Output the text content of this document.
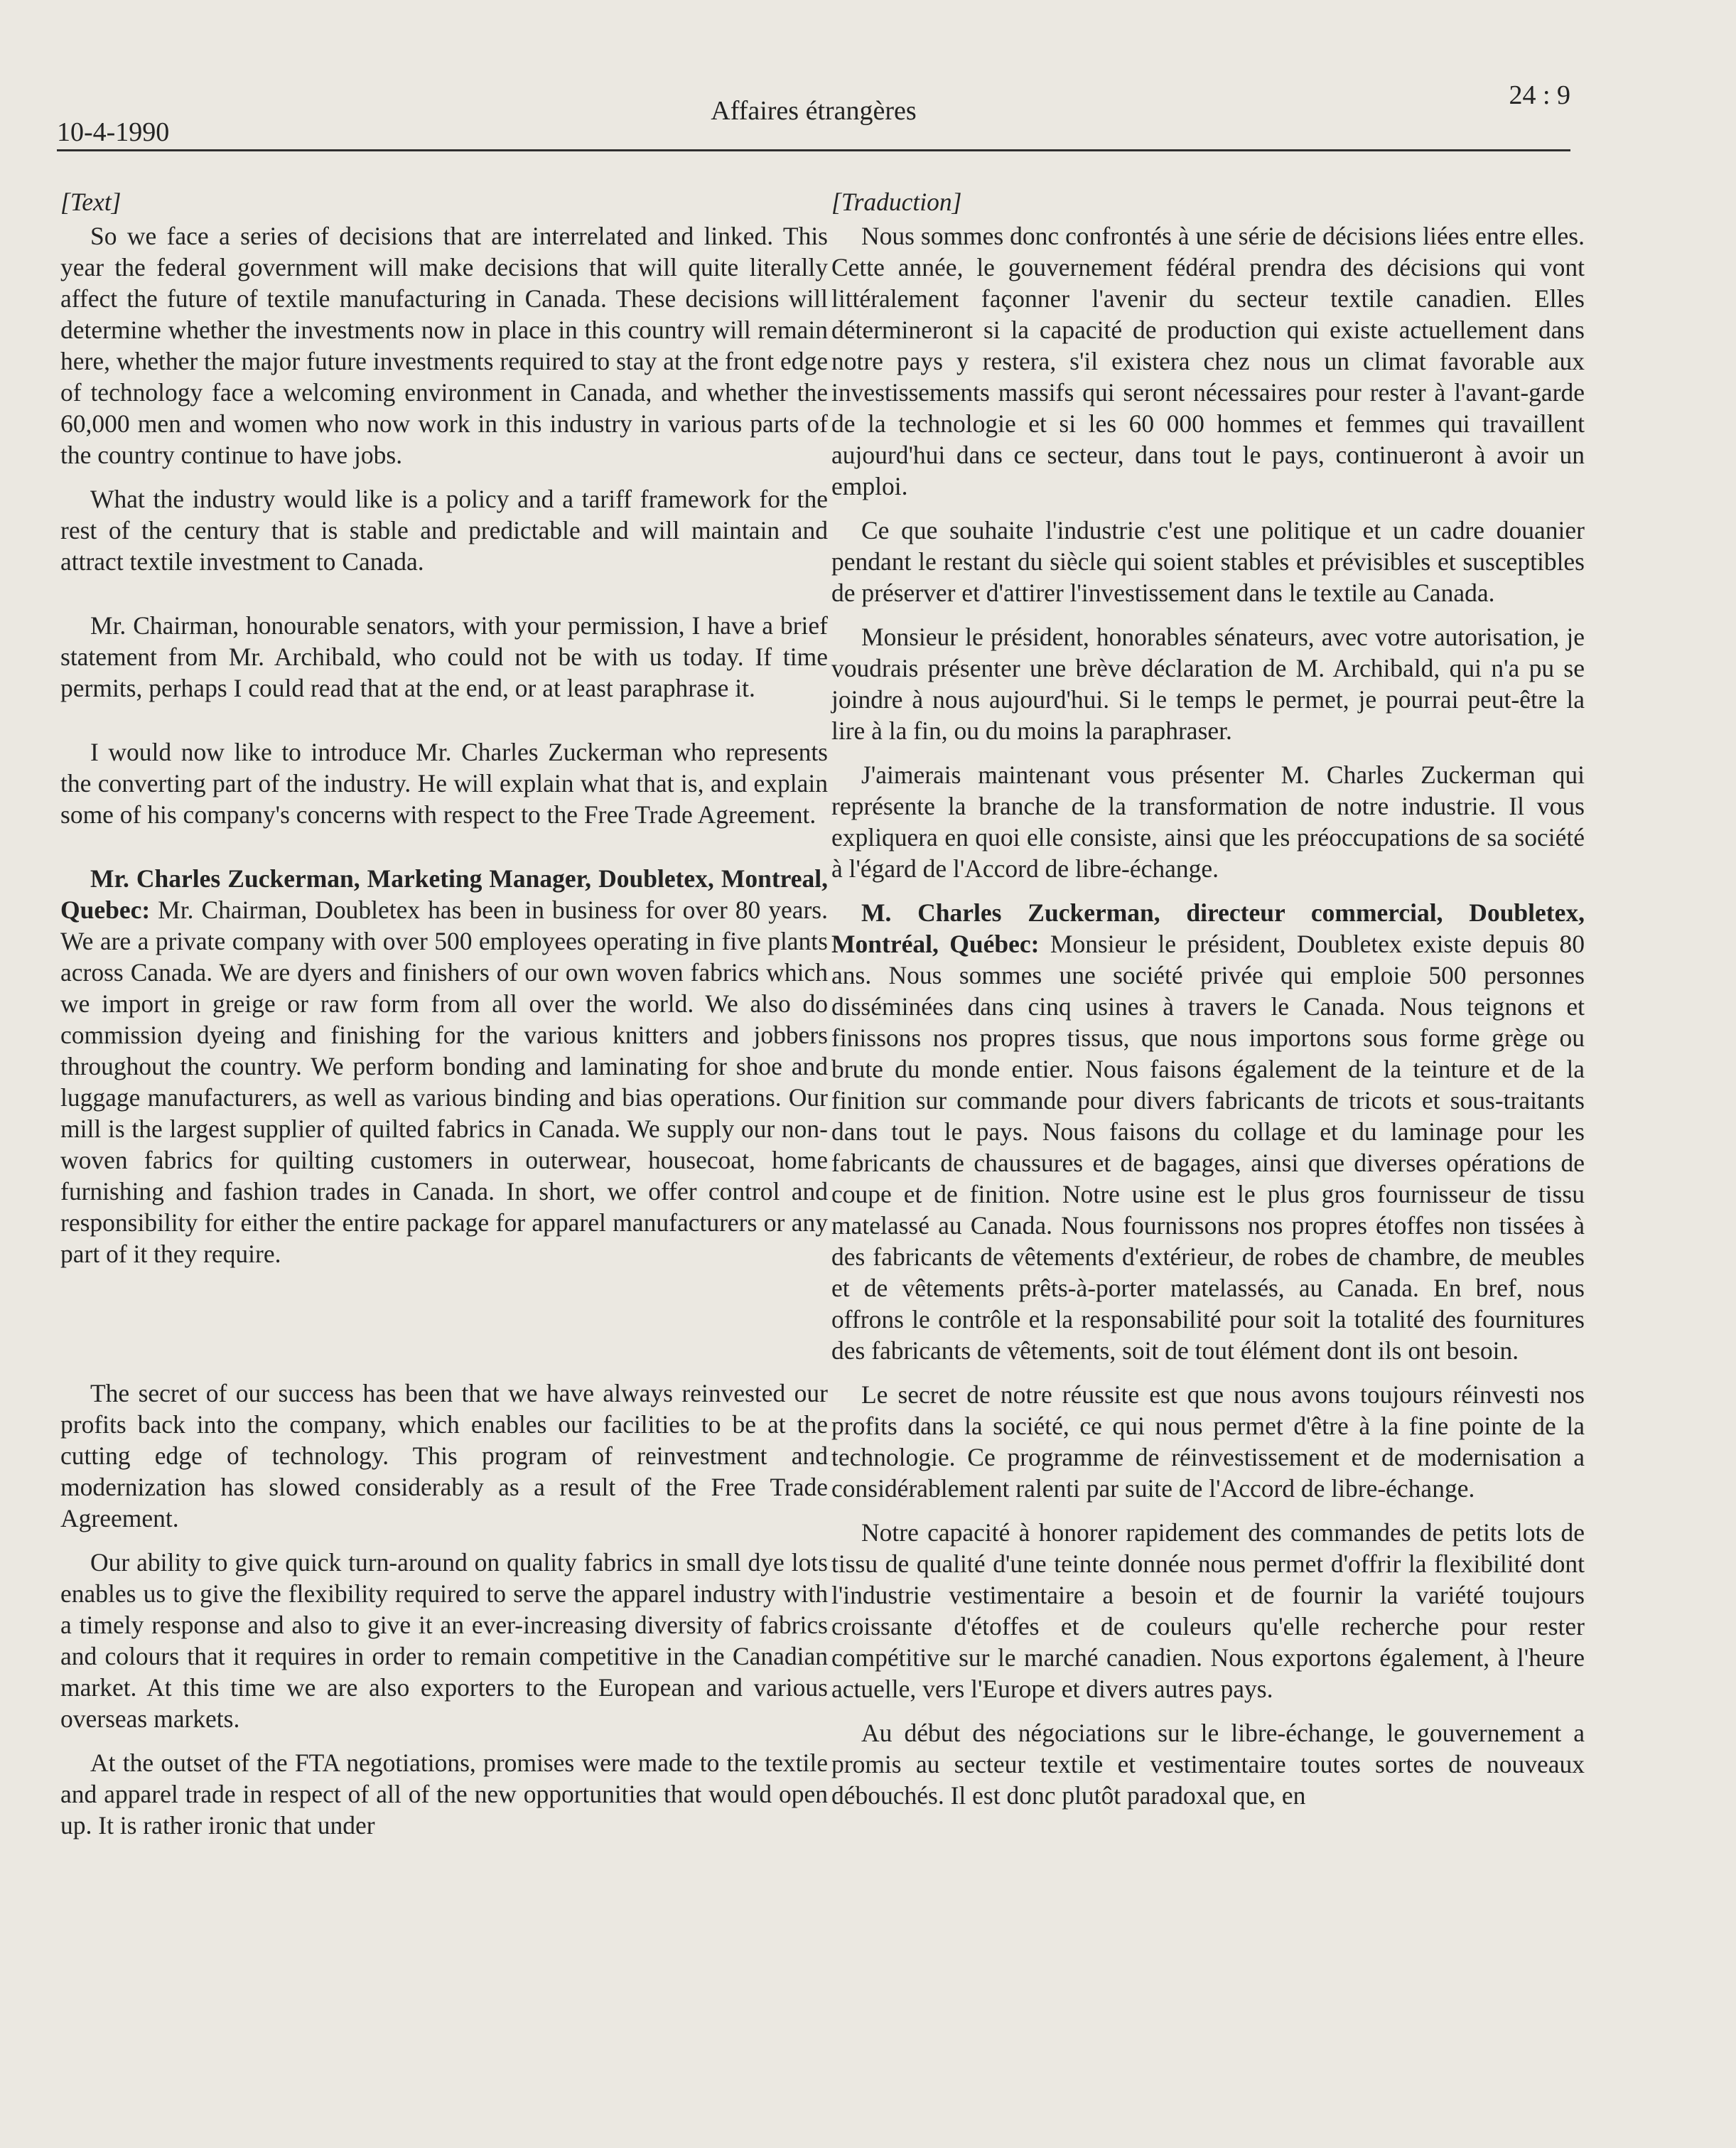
10-4-1990
Affaires étrangères
24 : 9

[Text]

So we face a series of decisions that are interrelated and linked. This year the federal government will make decisions that will quite literally affect the future of textile manufacturing in Canada. These decisions will determine whether the investments now in place in this country will remain here, whether the major future investments required to stay at the front edge of technology face a welcoming environment in Canada, and whether the 60,000 men and women who now work in this industry in various parts of the country continue to have jobs.

What the industry would like is a policy and a tariff framework for the rest of the century that is stable and predictable and will maintain and attract textile investment to Canada.

Mr. Chairman, honourable senators, with your permission, I have a brief statement from Mr. Archibald, who could not be with us today. If time permits, perhaps I could read that at the end, or at least paraphrase it.

I would now like to introduce Mr. Charles Zuckerman who represents the converting part of the industry. He will explain what that is, and explain some of his company's concerns with respect to the Free Trade Agreement.

Mr. Charles Zuckerman, Marketing Manager, Doubletex, Montreal, Quebec: Mr. Chairman, Doubletex has been in business for over 80 years. We are a private company with over 500 employees operating in five plants across Canada. We are dyers and finishers of our own woven fabrics which we import in greige or raw form from all over the world. We also do commission dyeing and finishing for the various knitters and jobbers throughout the country. We perform bonding and laminating for shoe and luggage manufacturers, as well as various binding and bias operations. Our mill is the largest supplier of quilted fabrics in Canada. We supply our non-woven fabrics for quilting customers in outerwear, housecoat, home furnishing and fashion trades in Canada. In short, we offer control and responsibility for either the entire package for apparel manufacturers or any part of it they require.

The secret of our success has been that we have always reinvested our profits back into the company, which enables our facilities to be at the cutting edge of technology. This program of reinvestment and modernization has slowed considerably as a result of the Free Trade Agreement.

Our ability to give quick turn-around on quality fabrics in small dye lots enables us to give the flexibility required to serve the apparel industry with a timely response and also to give it an ever-increasing diversity of fabrics and colours that it requires in order to remain competitive in the Canadian market. At this time we are also exporters to the European and various overseas markets.

At the outset of the FTA negotiations, promises were made to the textile and apparel trade in respect of all of the new opportunities that would open up. It is rather ironic that under

[Traduction]

Nous sommes donc confrontés à une série de décisions liées entre elles. Cette année, le gouvernement fédéral prendra des décisions qui vont littéralement façonner l'avenir du secteur textile canadien. Elles détermineront si la capacité de production qui existe actuellement dans notre pays y restera, s'il existera chez nous un climat favorable aux investissements massifs qui seront nécessaires pour rester à l'avant-garde de la technologie et si les 60 000 hommes et femmes qui travaillent aujourd'hui dans ce secteur, dans tout le pays, continueront à avoir un emploi.

Ce que souhaite l'industrie c'est une politique et un cadre douanier pendant le restant du siècle qui soient stables et prévisibles et susceptibles de préserver et d'attirer l'investissement dans le textile au Canada.

Monsieur le président, honorables sénateurs, avec votre autorisation, je voudrais présenter une brève déclaration de M. Archibald, qui n'a pu se joindre à nous aujourd'hui. Si le temps le permet, je pourrai peut-être la lire à la fin, ou du moins la paraphraser.

J'aimerais maintenant vous présenter M. Charles Zuckerman qui représente la branche de la transformation de notre industrie. Il vous expliquera en quoi elle consiste, ainsi que les préoccupations de sa société à l'égard de l'Accord de libre-échange.

M. Charles Zuckerman, directeur commercial, Doubletex, Montréal, Québec: Monsieur le président, Doubletex existe depuis 80 ans. Nous sommes une société privée qui emploie 500 personnes disséminées dans cinq usines à travers le Canada. Nous teignons et finissons nos propres tissus, que nous importons sous forme grège ou brute du monde entier. Nous faisons également de la teinture et de la finition sur commande pour divers fabricants de tricots et sous-traitants dans tout le pays. Nous faisons du collage et du laminage pour les fabricants de chaussures et de bagages, ainsi que diverses opérations de coupe et de finition. Notre usine est le plus gros fournisseur de tissu matelassé au Canada. Nous fournissons nos propres étoffes non tissées à des fabricants de vêtements d'extérieur, de robes de chambre, de meubles et de vêtements prêts-à-porter matelassés, au Canada. En bref, nous offrons le contrôle et la responsabilité pour soit la totalité des fournitures des fabricants de vêtements, soit de tout élément dont ils ont besoin.

Le secret de notre réussite est que nous avons toujours réinvesti nos profits dans la société, ce qui nous permet d'être à la fine pointe de la technologie. Ce programme de réinvestissement et de modernisation a considérablement ralenti par suite de l'Accord de libre-échange.

Notre capacité à honorer rapidement des commandes de petits lots de tissu de qualité d'une teinte donnée nous permet d'offrir la flexibilité dont l'industrie vestimentaire a besoin et de fournir la variété toujours croissante d'étoffes et de couleurs qu'elle recherche pour rester compétitive sur le marché canadien. Nous exportons également, à l'heure actuelle, vers l'Europe et divers autres pays.

Au début des négociations sur le libre-échange, le gouvernement a promis au secteur textile et vestimentaire toutes sortes de nouveaux débouchés. Il est donc plutôt paradoxal que, en
